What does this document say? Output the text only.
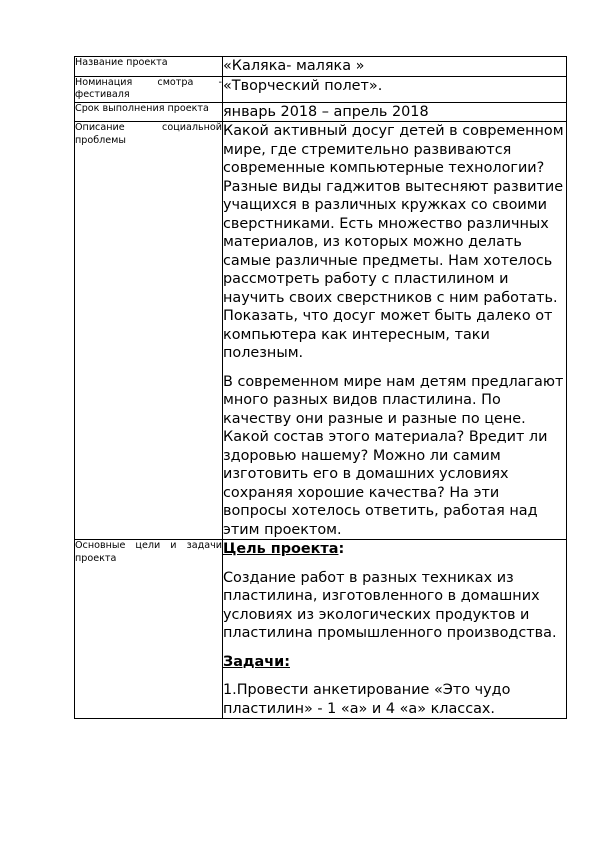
Название проекта	«Каляка- маляка »

Номинация смотра - фестиваля	«Творческий полет».

Срок выполнения проекта	январь 2018 – апрель 2018

Описание социальной проблемы	Какой активный досуг детей в современном мире, где стремительно развиваются современные компьютерные технологии? Разные виды гаджитов вытесняют развитие учащихся в различных кружках со своими сверстниками. Есть множество различных материалов, из которых можно делать самые различные предметы. Нам хотелось рассмотреть работу с пластилином и научить своих сверстников с ним работать. Показать, что досуг может быть далеко от компьютера как интересным, таки полезным.

В современном мире нам детям предлагают много разных видов пластилина. По качеству они разные и разные по цене. Какой состав этого материала? Вредит ли здоровью нашему? Можно ли самим изготовить его в домашних условиях сохраняя хорошие качества? На эти вопросы хотелось ответить, работая над этим проектом.

Основные цели и задачи проекта	Цель проекта:

Создание работ в разных техниках из пластилина, изготовленного в домашних условиях из экологических продуктов и пластилина промышленного производства.

Задачи:

1.Провести анкетирование «Это чудо пластилин» - 1 «а» и 4 «а» классах.
